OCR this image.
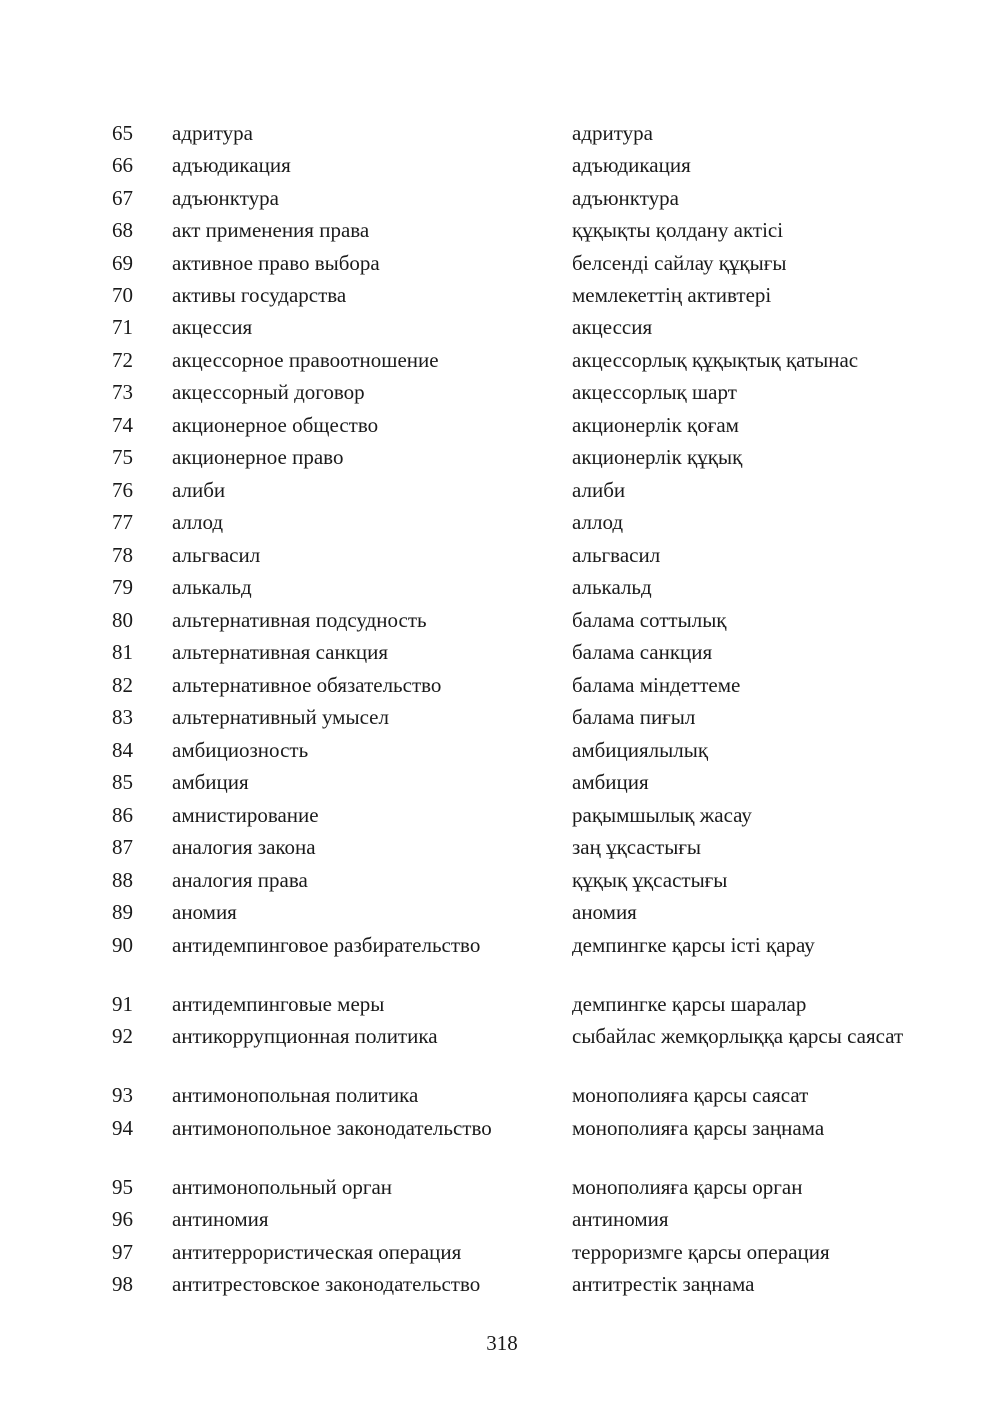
65	адритура	адритура
66	адъюдикация	адъюдикация
67	адъюнктура	адъюнктура
68	акт применения права	құқықты қолдану актісі
69	активное право выбора	белсенді сайлау құқығы
70	активы государства	мемлекеттің активтері
71	акцессия	акцессия
72	акцессорное правоотношение	акцессорлық құқықтық қатынас
73	акцессорный договор	акцессорлық шарт
74	акционерное общество	акционерлік қоғам
75	акционерное право	акционерлік құқық
76	алиби	алиби
77	аллод	аллод
78	альгвасил	альгвасил
79	алькальд	алькальд
80	альтернативная подсудность	балама соттылық
81	альтернативная санкция	балама санкция
82	альтернативное обязательство	балама міндеттеме
83	альтернативный умысел	балама пиғыл
84	амбициозность	амбициялылық
85	амбиция	амбиция
86	амнистирование	рақымшылық жасау
87	аналогия закона	заң ұқсастығы
88	аналогия права	құқық ұқсастығы
89	аномия	аномия
90	антидемпинговое разбирательство	демпингке қарсы істі қарау
91	антидемпинговые меры	демпингке қарсы шаралар
92	антикоррупционная политика	сыбайлас жемқорлыққа қарсы саясат
93	антимонопольная политика	монополияға қарсы саясат
94	антимонопольное законодательство	монополияға қарсы заңнама
95	антимонопольный орган	монополияға қарсы орган
96	антиномия	антиномия
97	антитеррористическая операция	терроризмге қарсы операция
98	антитрестовское законодательство	антитрестік заңнама
318
